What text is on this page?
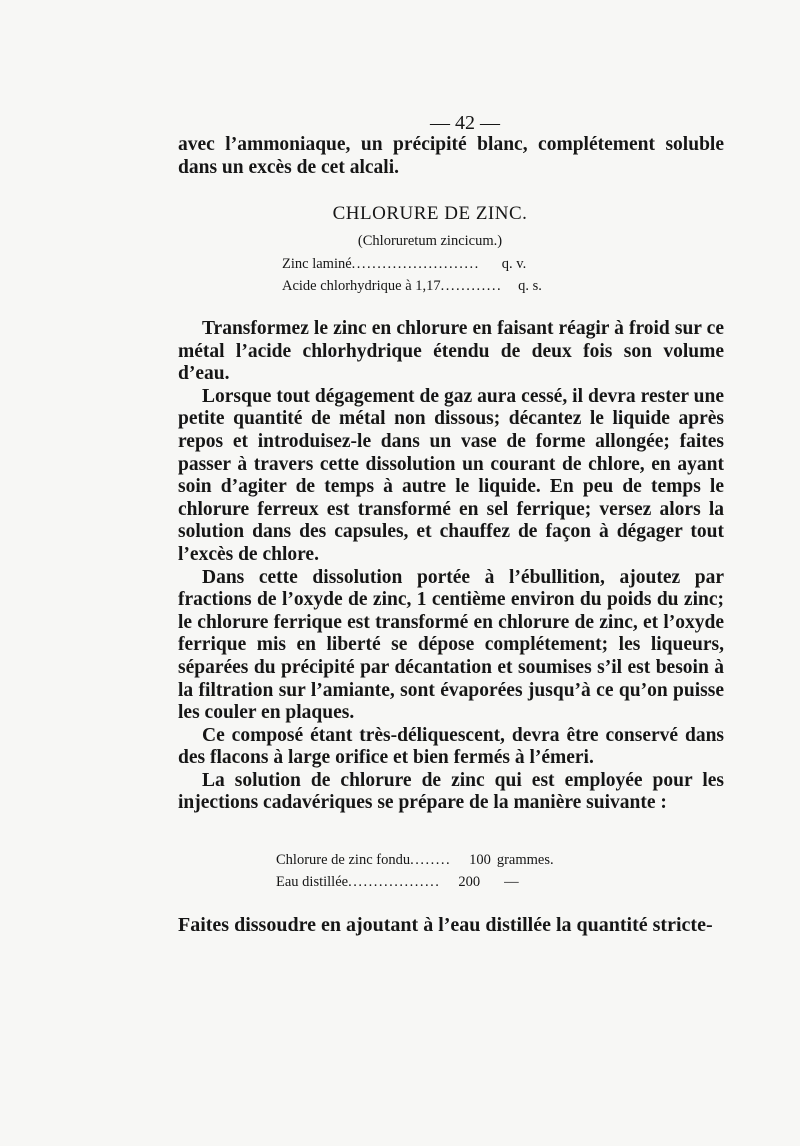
— 42 —

avec l’ammoniaque, un précipité blanc, complétement soluble dans un excès de cet alcali.

CHLORURE DE ZINC.
(Chloruretum zincicum.)
Zinc laminé ......................... q. v.
Acide chlorhydrique à 1,17 ............ q. s.

Transformez le zinc en chlorure en faisant réagir à froid sur ce métal l’acide chlorhydrique étendu de deux fois son volume d’eau.

Lorsque tout dégagement de gaz aura cessé, il devra rester une petite quantité de métal non dissous; décantez le liquide après repos et introduisez-le dans un vase de forme allongée; faites passer à travers cette dissolution un courant de chlore, en ayant soin d’agiter de temps à autre le liquide. En peu de temps le chlorure ferreux est transformé en sel ferrique; versez alors la solution dans des capsules, et chauffez de façon à dégager tout l’excès de chlore.

Dans cette dissolution portée à l’ébullition, ajoutez par fractions de l’oxyde de zinc, 1 centième environ du poids du zinc; le chlorure ferrique est transformé en chlorure de zinc, et l’oxyde ferrique mis en liberté se dépose complétement; les liqueurs, séparées du précipité par décantation et soumises s’il est besoin à la filtration sur l’amiante, sont évaporées jusqu’à ce qu’on puisse les couler en plaques.

Ce composé étant très-déliquescent, devra être conservé dans des flacons à large orifice et bien fermés à l’émeri.

La solution de chlorure de zinc qui est employée pour les injections cadavériques se prépare de la manière suivante :

Chlorure de zinc fondu ........ 100 grammes.
Eau distillée .................. 200 —

Faites dissoudre en ajoutant à l’eau distillée la quantité stricte-
